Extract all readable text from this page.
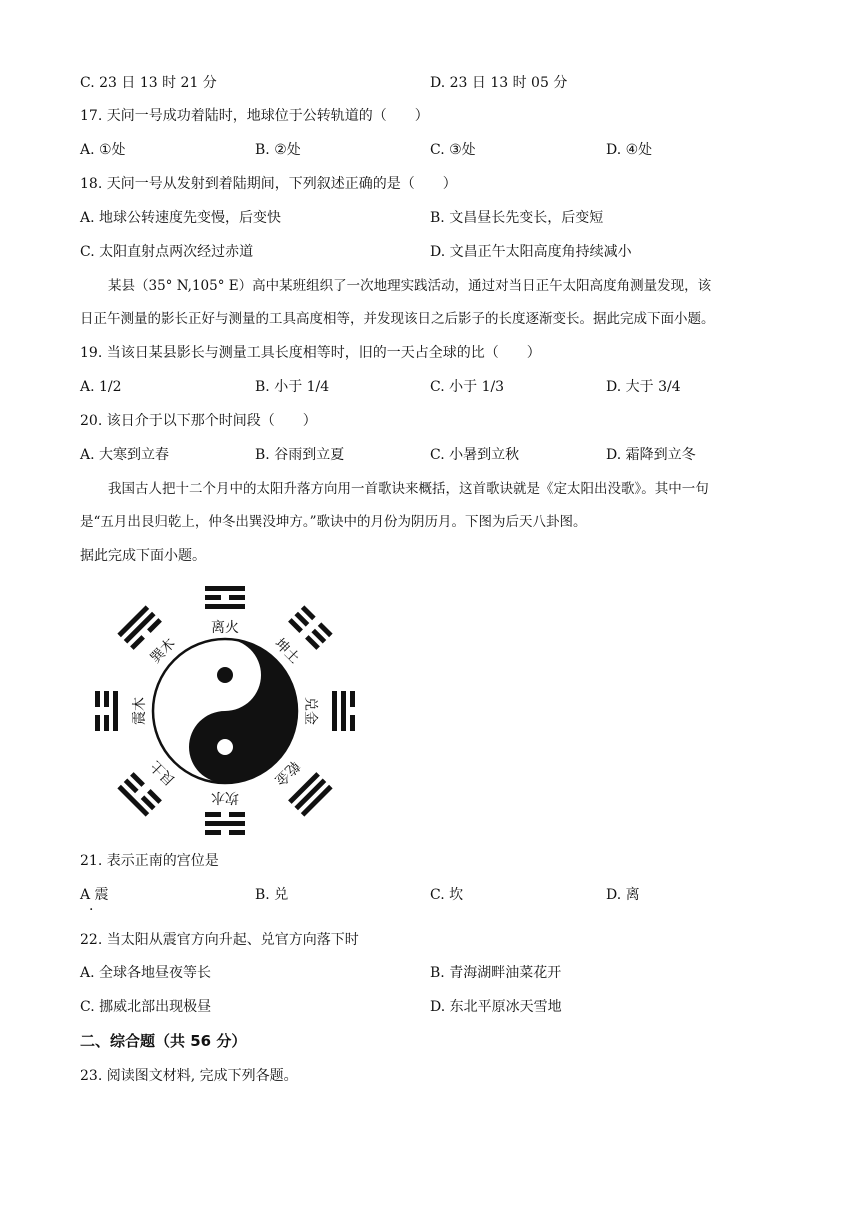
C. 23 日 13 时 21 分	D. 23 日 13 时 05 分
17. 天问一号成功着陆时，地球位于公转轨道的（　　）
A. ①处	B. ②处	C. ③处	D. ④处
18. 天问一号从发射到着陆期间，下列叙述正确的是（　　）
A. 地球公转速度先变慢，后变快	B. 文昌昼长先变长，后变短
C. 太阳直射点两次经过赤道	D. 文昌正午太阳高度角持续减小
某县（35° N,105° E）高中某班组织了一次地理实践活动，通过对当日正午太阳高度角测量发现，该
日正午测量的影长正好与测量的工具高度相等，并发现该日之后影子的长度逐渐变长。据此完成下面小题。
19. 当该日某县影长与测量工具长度相等时，旧的一天占全球的比（　　）
A. 1/2	B. 小于 1/4	C. 小于 1/3	D. 大于 3/4
20. 该日介于以下那个时间段（　　）
A. 大寒到立春	B. 谷雨到立夏	C. 小暑到立秋	D. 霜降到立冬
我国古人把十二个月中的太阳升落方向用一首歌诀来概括，这首歌诀就是《定太阳出没歌》。其中一句
是“五月出艮归乾上，仲冬出巽没坤方。”歌诀中的月份为阴历月。下图为后天八卦图。
据此完成下面小题。
离火
坤土
兑金
乾金
坎水
艮土
震木
巽木
21. 表示正南的宫位是
A 震
·
B. 兑	C. 坎	D. 离
22. 当太阳从震官方向升起、兑官方向落下时
A. 全球各地昼夜等长	B. 青海湖畔油菜花开
C. 挪威北部出现极昼	D. 东北平原冰天雪地
二、综合题（共 56 分）
23. 阅读图文材料, 完成下列各题。
